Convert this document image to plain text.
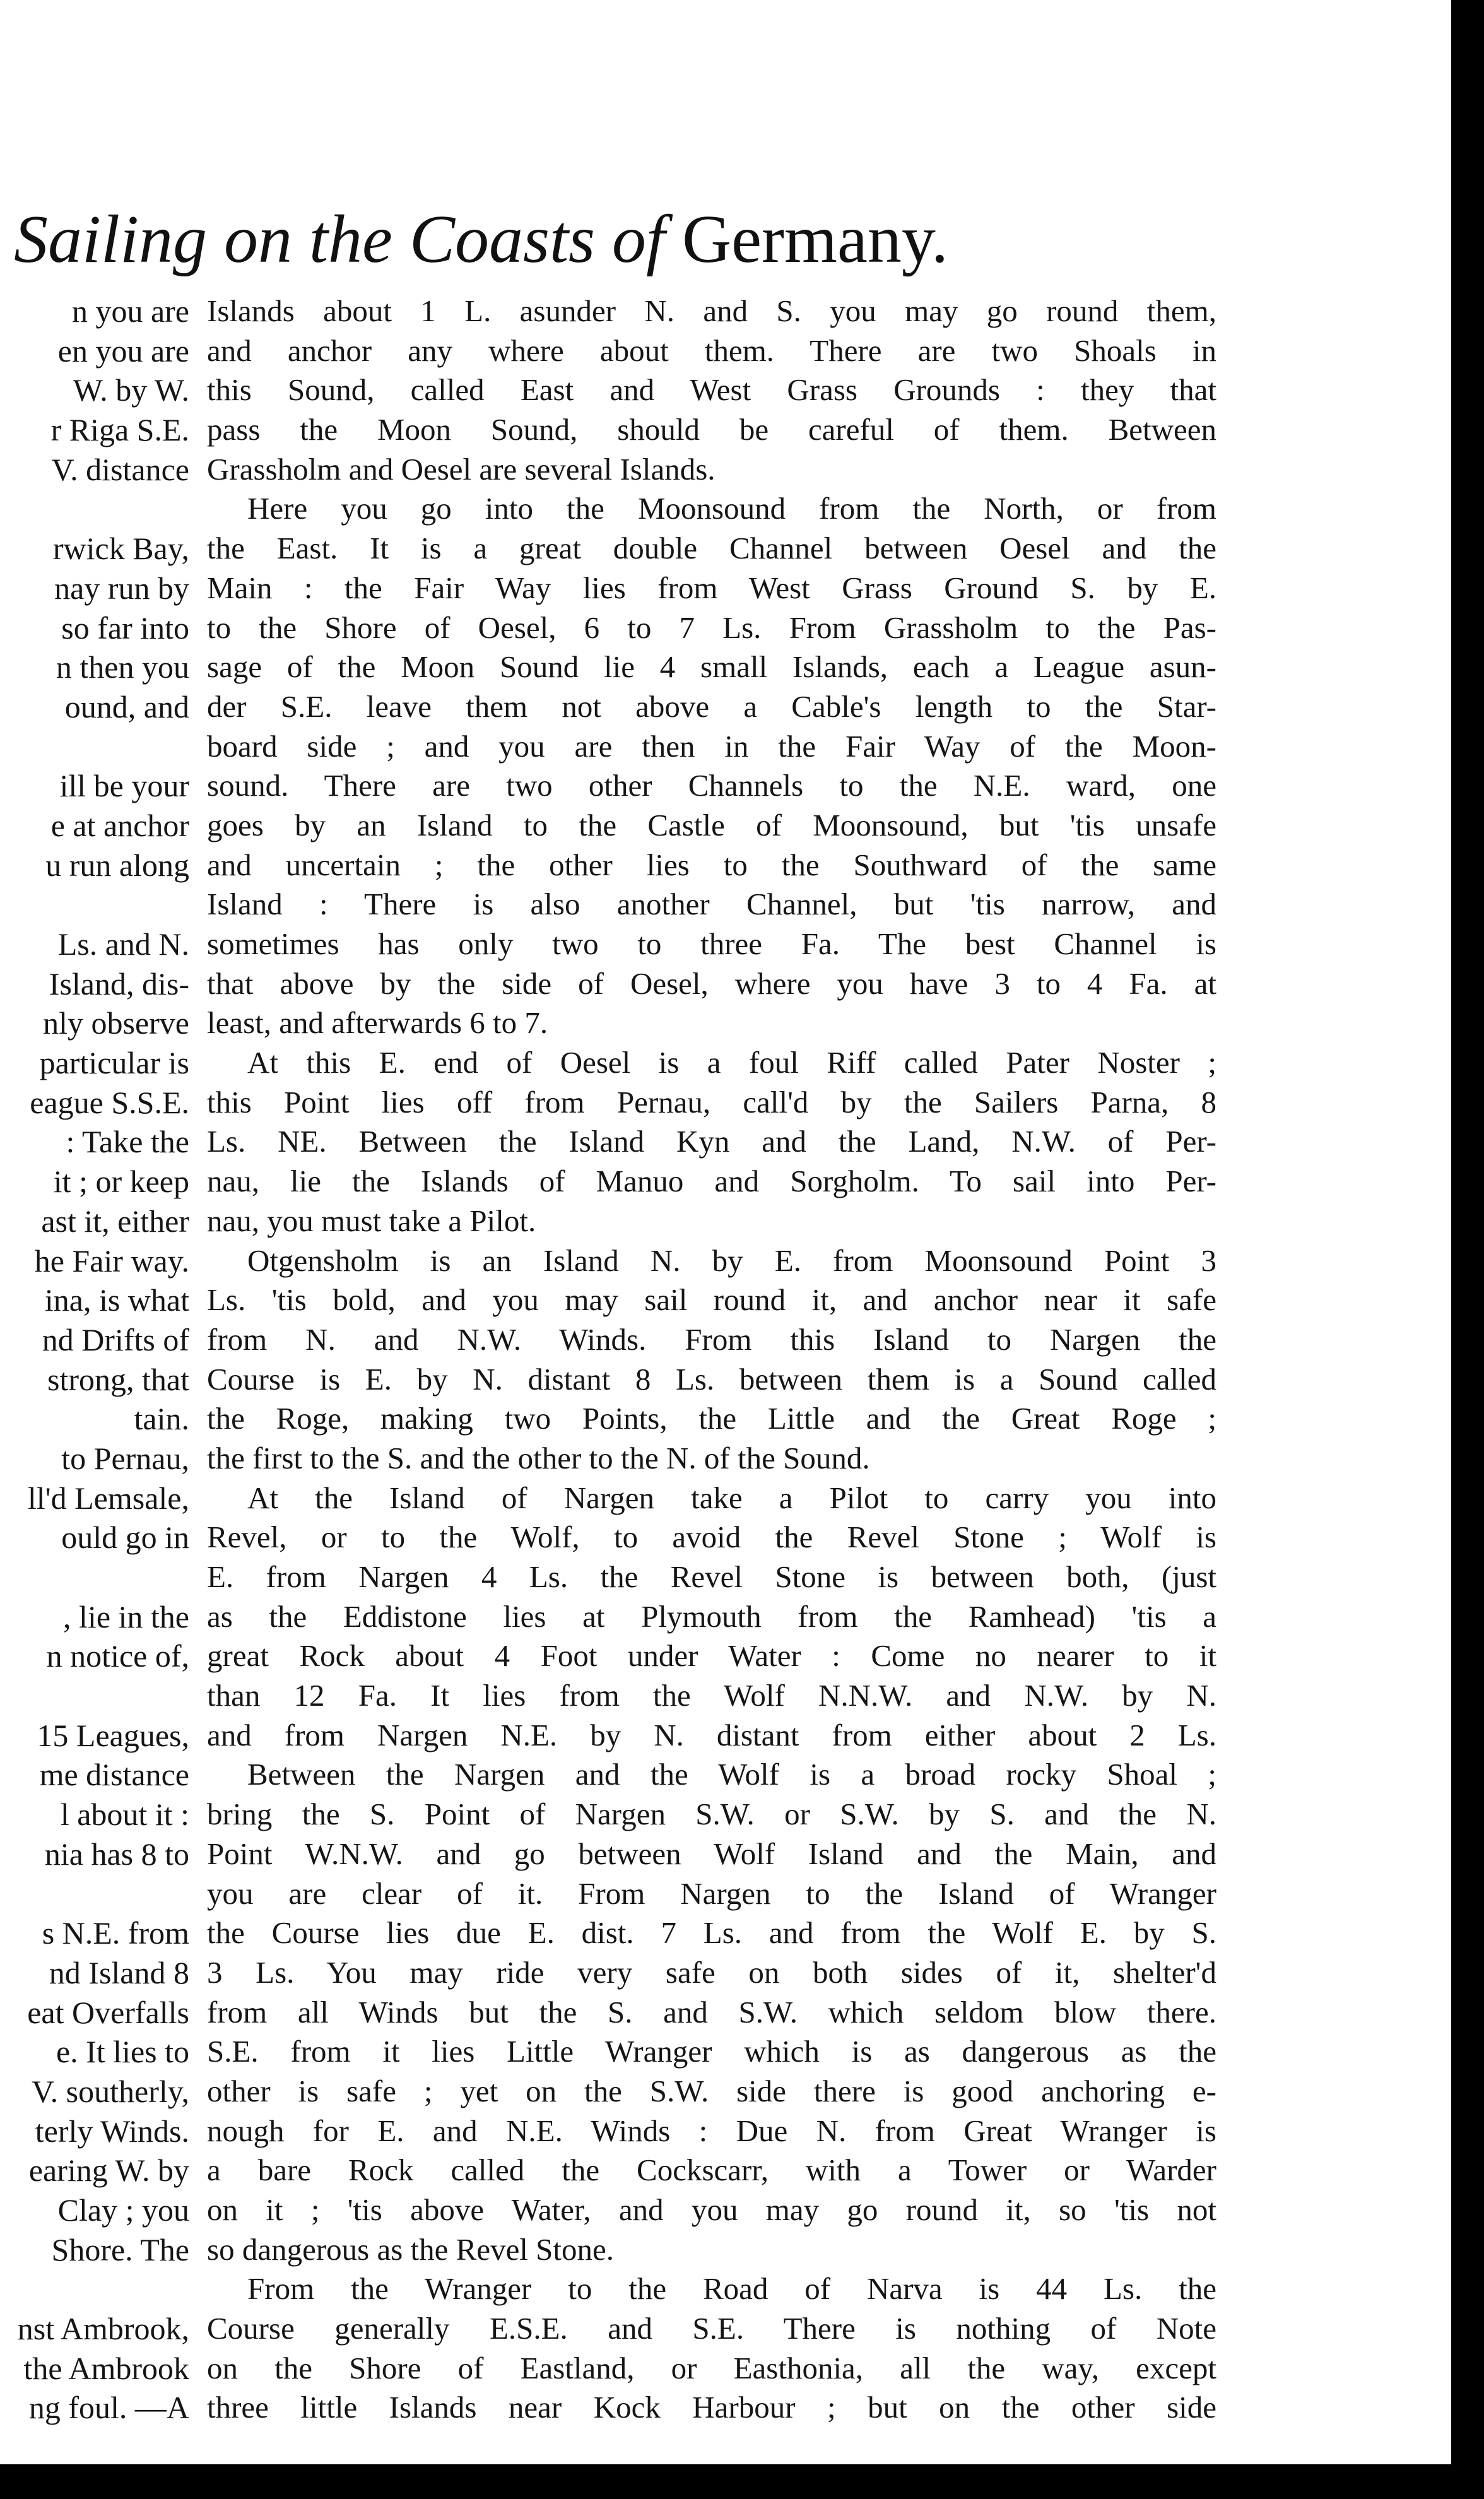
Sailing on the Coasts of Germany.
n you are
en you are
W. by W.
r Riga S.E.
V. distance
rwick Bay,
nay run by
so far into
n then you
ound, and
ill be your
e at anchor
u run along
Ls. and N.
Island, dis-
nly observe
particular is
eague S.S.E.
: Take the
it ; or keep
ast it, either
he Fair way.
ina, is what
nd Drifts of
strong, that
tain.
to Pernau,
ll'd Lemsale,
ould go in
, lie in the
n notice of,
15 Leagues,
me distance
l about it :
nia has 8 to
s N.E. from
nd Island 8
eat Overfalls
e. It lies to
V. southerly,
terly Winds.
earing W. by
Clay ; you
Shore. The
nst Ambrook,
the Ambrook
ng foul. —A
Islands about 1 L. asunder N. and S. you may go round them,
and anchor any where about them. There are two Shoals in
this Sound, called East and West Grass Grounds : they that
pass the Moon Sound, should be careful of them. Between
Grassholm and Oesel are several Islands.
Here you go into the Moonsound from the North, or from
the East. It is a great double Channel between Oesel and the
Main : the Fair Way lies from West Grass Ground S. by E.
to the Shore of Oesel, 6 to 7 Ls. From Grassholm to the Pas-
sage of the Moon Sound lie 4 small Islands, each a League asun-
der S.E. leave them not above a Cable's length to the Star-
board side ; and you are then in the Fair Way of the Moon-
sound. There are two other Channels to the N.E. ward, one
goes by an Island to the Castle of Moonsound, but 'tis unsafe
and uncertain ; the other lies to the Southward of the same
Island : There is also another Channel, but 'tis narrow, and
sometimes has only two to three Fa. The best Channel is
that above by the side of Oesel, where you have 3 to 4 Fa. at
least, and afterwards 6 to 7.
At this E. end of Oesel is a foul Riff called Pater Noster ;
this Point lies off from Pernau, call'd by the Sailers Parna, 8
Ls. NE. Between the Island Kyn and the Land, N.W. of Per-
nau, lie the Islands of Manuo and Sorgholm. To sail into Per-
nau, you must take a Pilot.
Otgensholm is an Island N. by E. from Moonsound Point 3
Ls. 'tis bold, and you may sail round it, and anchor near it safe
from N. and N.W. Winds. From this Island to Nargen the
Course is E. by N. distant 8 Ls. between them is a Sound called
the Roge, making two Points, the Little and the Great Roge ;
the first to the S. and the other to the N. of the Sound.
At the Island of Nargen take a Pilot to carry you into
Revel, or to the Wolf, to avoid the Revel Stone ; Wolf is
E. from Nargen 4 Ls. the Revel Stone is between both, (just
as the Eddistone lies at Plymouth from the Ramhead) 'tis a
great Rock about 4 Foot under Water : Come no nearer to it
than 12 Fa. It lies from the Wolf N.N.W. and N.W. by N.
and from Nargen N.E. by N. distant from either about 2 Ls.
Between the Nargen and the Wolf is a broad rocky Shoal ;
bring the S. Point of Nargen S.W. or S.W. by S. and the N.
Point W.N.W. and go between Wolf Island and the Main, and
you are clear of it. From Nargen to the Island of Wranger
the Course lies due E. dist. 7 Ls. and from the Wolf E. by S.
3 Ls. You may ride very safe on both sides of it, shelter'd
from all Winds but the S. and S.W. which seldom blow there.
S.E. from it lies Little Wranger which is as dangerous as the
other is safe ; yet on the S.W. side there is good anchoring e-
nough for E. and N.E. Winds : Due N. from Great Wranger is
a bare Rock called the Cockscarr, with a Tower or Warder
on it ; 'tis above Water, and you may go round it, so 'tis not
so dangerous as the Revel Stone.
From the Wranger to the Road of Narva is 44 Ls. the
Course generally E.S.E. and S.E. There is nothing of Note
on the Shore of Eastland, or Easthonia, all the way, except
three little Islands near Kock Harbour ; but on the other side
